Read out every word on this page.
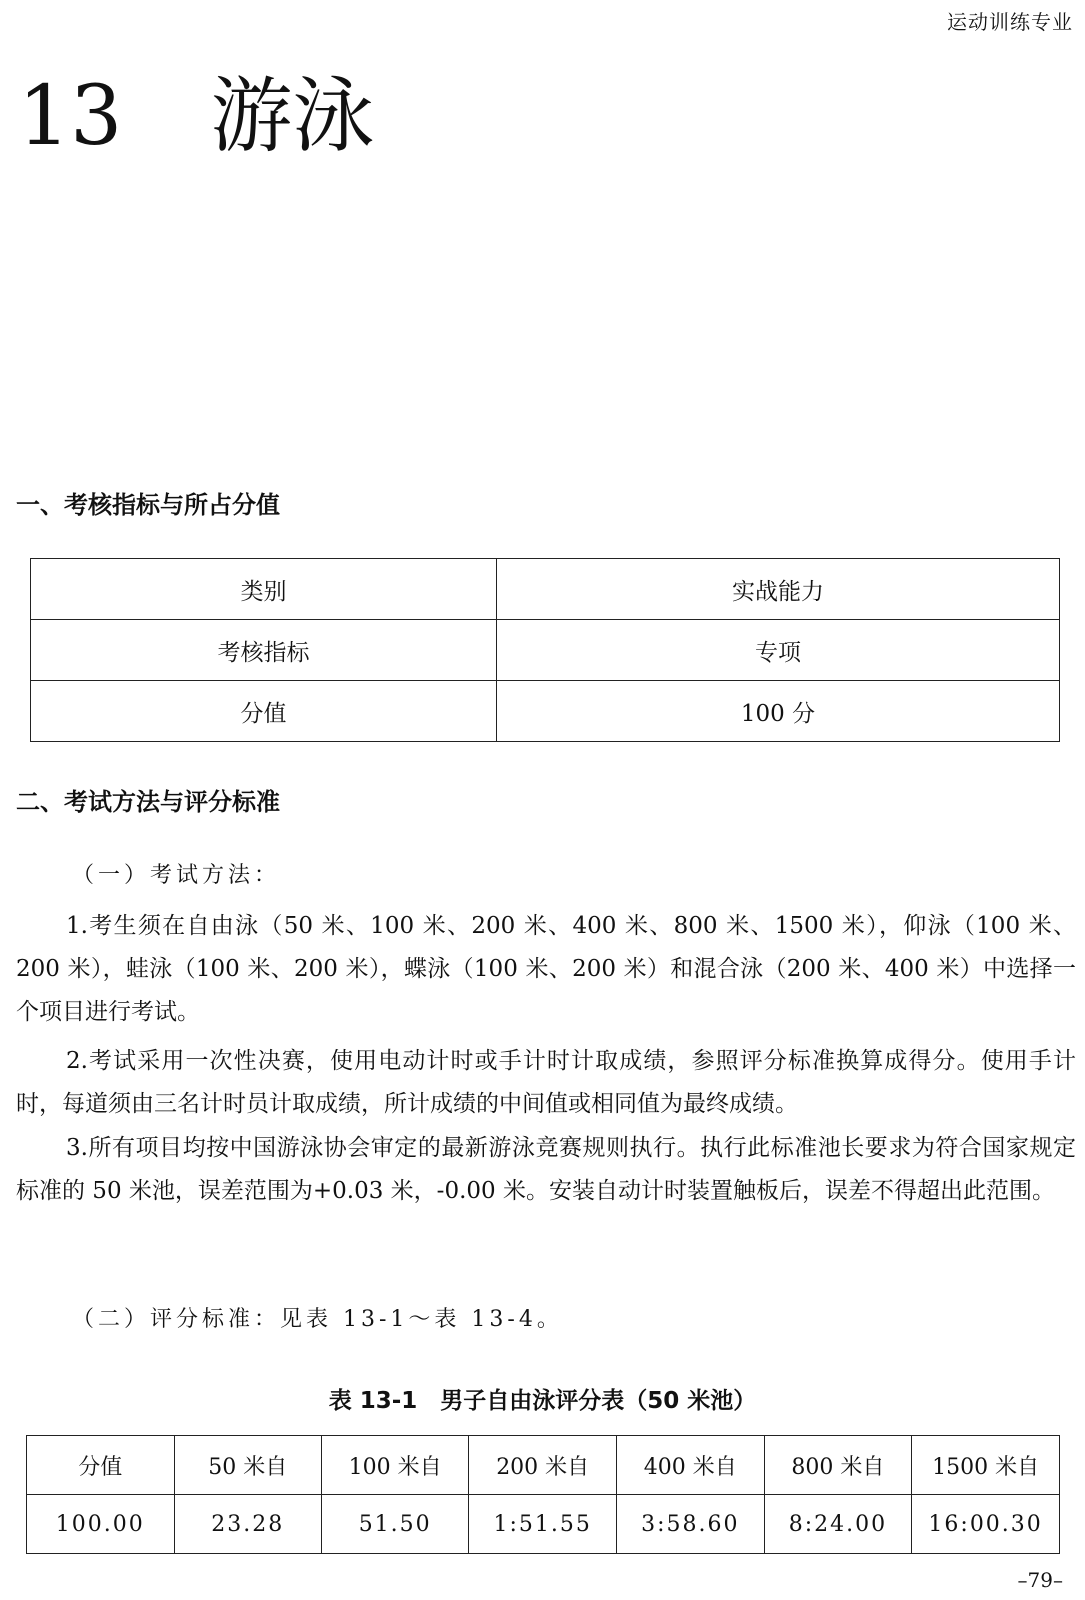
运动训练专业
13 游泳
一、考核指标与所占分值
类别	实战能力
考核指标	专项
分值	100 分
二、考试方法与评分标准
（一）考试方法：

1.考生须在自由泳（50 米、100 米、200 米、400 米、800 米、1500 米），仰泳（100 米、200 米），蛙泳（100 米、200 米），蝶泳（100 米、200 米）和混合泳（200 米、400 米）中选择一个项目进行考试。

2.考试采用一次性决赛，使用电动计时或手计时计取成绩，参照评分标准换算成得分。使用手计时，每道须由三名计时员计取成绩，所计成绩的中间值或相同值为最终成绩。

3.所有项目均按中国游泳协会审定的最新游泳竞赛规则执行。执行此标准池长要求为符合国家规定标准的 50 米池，误差范围为+0.03 米，-0.00 米。安装自动计时装置触板后，误差不得超出此范围。

（二）评分标准：见表 13-1～表 13-4。

表 13-1　男子自由泳评分表（50 米池）

分值	50 米自	100 米自	200 米自	400 米自	800 米自	1500 米自
100.00	23.28	51.50	1:51.55	3:58.60	8:24.00	16:00.30
–79–
